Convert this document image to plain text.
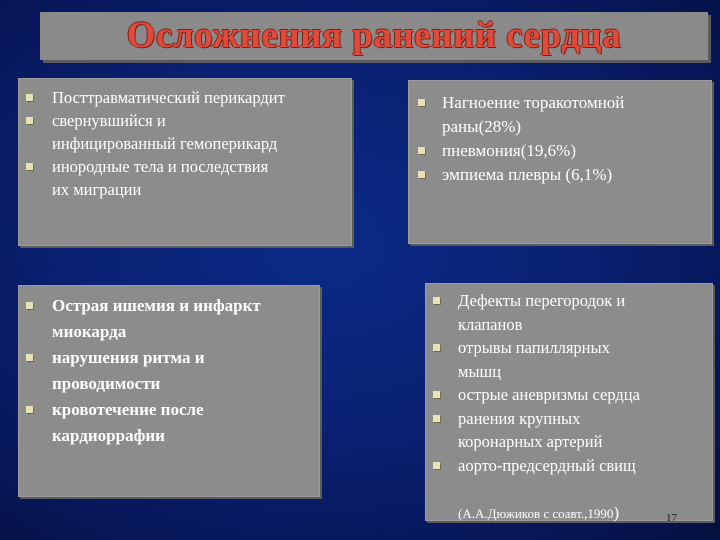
Осложнения ранений сердца
Посттравматический перикардит
свернувшийся и
инфицированный гемоперикард
инородные тела и последствия
их миграции
Нагноение торакотомной
раны(28%)
пневмония(19,6%)
эмпиема плевры (6,1%)
Острая ишемия и инфаркт
миокарда
нарушения ритма и
проводимости
кровотечение после
кардиоррафии
Дефекты перегородок и
клапанов
отрывы папиллярных
мышц
острые аневризмы сердца
ранения крупных
коронарных артерий
аорто-предсердный свищ
(А.А.Дюжиков с соавт.,1990)	17
